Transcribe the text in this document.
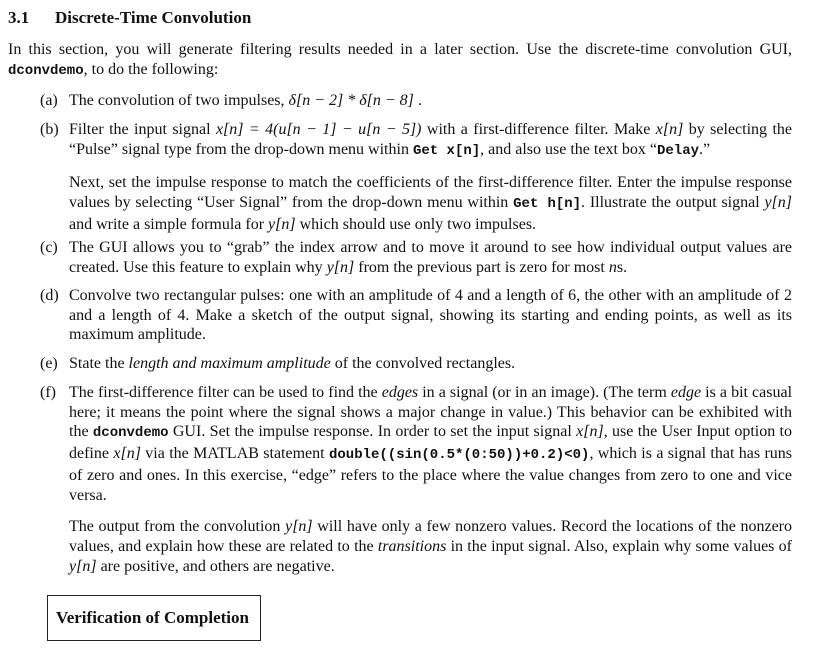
3.1 Discrete-Time Convolution

In this section, you will generate filtering results needed in a later section. Use the discrete-time convolution GUI, dconvdemo, to do the following:

(a) The convolution of two impulses, δ[n − 2] * δ[n − 8] .

(b) Filter the input signal x[n] = 4(u[n − 1] − u[n − 5]) with a first-difference filter. Make x[n] by selecting the “Pulse” signal type from the drop-down menu within Get x[n], and also use the text box “Delay.”

Next, set the impulse response to match the coefficients of the first-difference filter. Enter the impulse response values by selecting “User Signal” from the drop-down menu within Get h[n]. Illustrate the output signal y[n] and write a simple formula for y[n] which should use only two impulses.

(c) The GUI allows you to “grab” the index arrow and to move it around to see how individual output values are created. Use this feature to explain why y[n] from the previous part is zero for most ns.

(d) Convolve two rectangular pulses: one with an amplitude of 4 and a length of 6, the other with an amplitude of 2 and a length of 4. Make a sketch of the output signal, showing its starting and ending points, as well as its maximum amplitude.

(e) State the length and maximum amplitude of the convolved rectangles.

(f) The first-difference filter can be used to find the edges in a signal (or in an image). (The term edge is a bit casual here; it means the point where the signal shows a major change in value.) This behavior can be exhibited with the dconvdemo GUI. Set the impulse response. In order to set the input signal x[n], use the User Input option to define x[n] via the MATLAB statement double((sin(0.5*(0:50))+0.2)<0), which is a signal that has runs of zero and ones. In this exercise, “edge” refers to the place where the value changes from zero to one and vice versa.

The output from the convolution y[n] will have only a few nonzero values. Record the locations of the nonzero values, and explain how these are related to the transitions in the input signal. Also, explain why some values of y[n] are positive, and others are negative.

Verification of Completion
